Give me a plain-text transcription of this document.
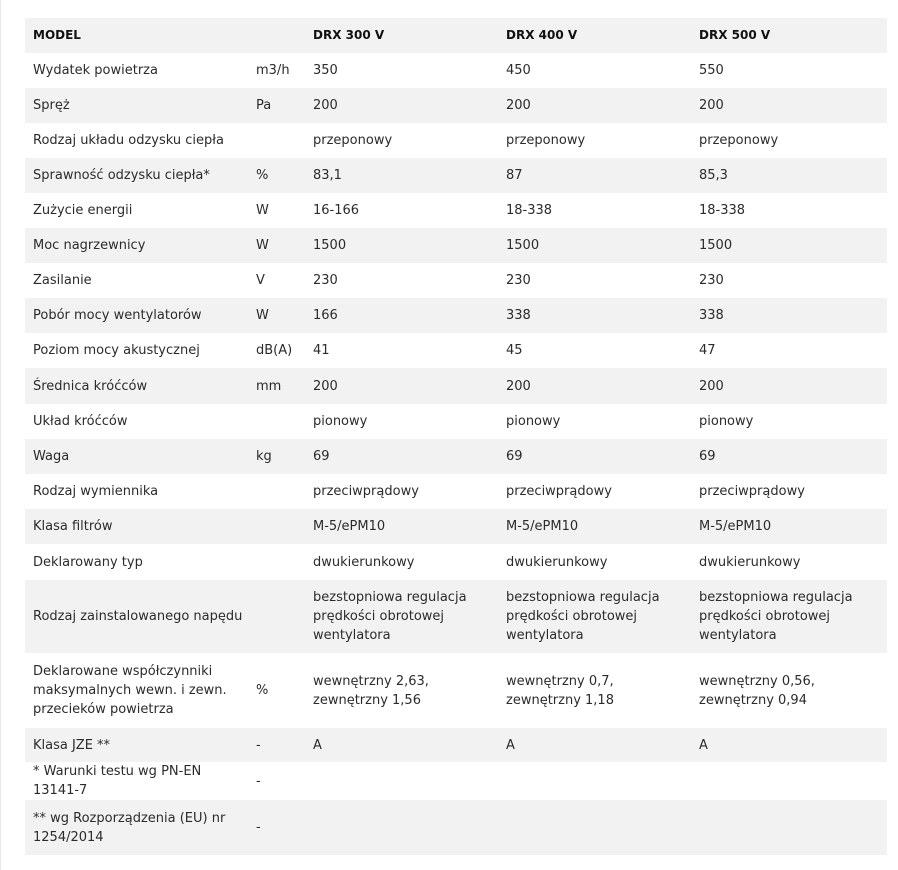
MODEL		DRX 300 V	DRX 400 V	DRX 500 V
Wydatek powietrza	m3/h	350	450	550
Spręż	Pa	200	200	200
Rodzaj układu odzysku ciepła		przeponowy	przeponowy	przeponowy
Sprawność odzysku ciepła*	%	83,1	87	85,3
Zużycie energii	W	16-166	18-338	18-338
Moc nagrzewnicy	W	1500	1500	1500
Zasilanie	V	230	230	230
Pobór mocy wentylatorów	W	166	338	338
Poziom mocy akustycznej	dB(A)	41	45	47
Średnica króćców	mm	200	200	200
Układ króćców		pionowy	pionowy	pionowy
Waga	kg	69	69	69
Rodzaj wymiennika		przeciwprądowy	przeciwprądowy	przeciwprądowy
Klasa filtrów		M-5/ePM10	M-5/ePM10	M-5/ePM10
Deklarowany typ		dwukierunkowy	dwukierunkowy	dwukierunkowy
Rodzaj zainstalowanego napędu		bezstopniowa regulacja prędkości obrotowej wentylatora	bezstopniowa regulacja prędkości obrotowej wentylatora	bezstopniowa regulacja prędkości obrotowej wentylatora
Deklarowane współczynniki maksymalnych wewn. i zewn. przecieków powietrza	%	wewnętrzny 2,63, zewnętrzny 1,56	wewnętrzny 0,7, zewnętrzny 1,18	wewnętrzny 0,56, zewnętrzny 0,94
Klasa JZE **	-	A	A	A
* Warunki testu wg PN-EN 13141-7	-			
** wg Rozporządzenia (EU) nr 1254/2014	-			
